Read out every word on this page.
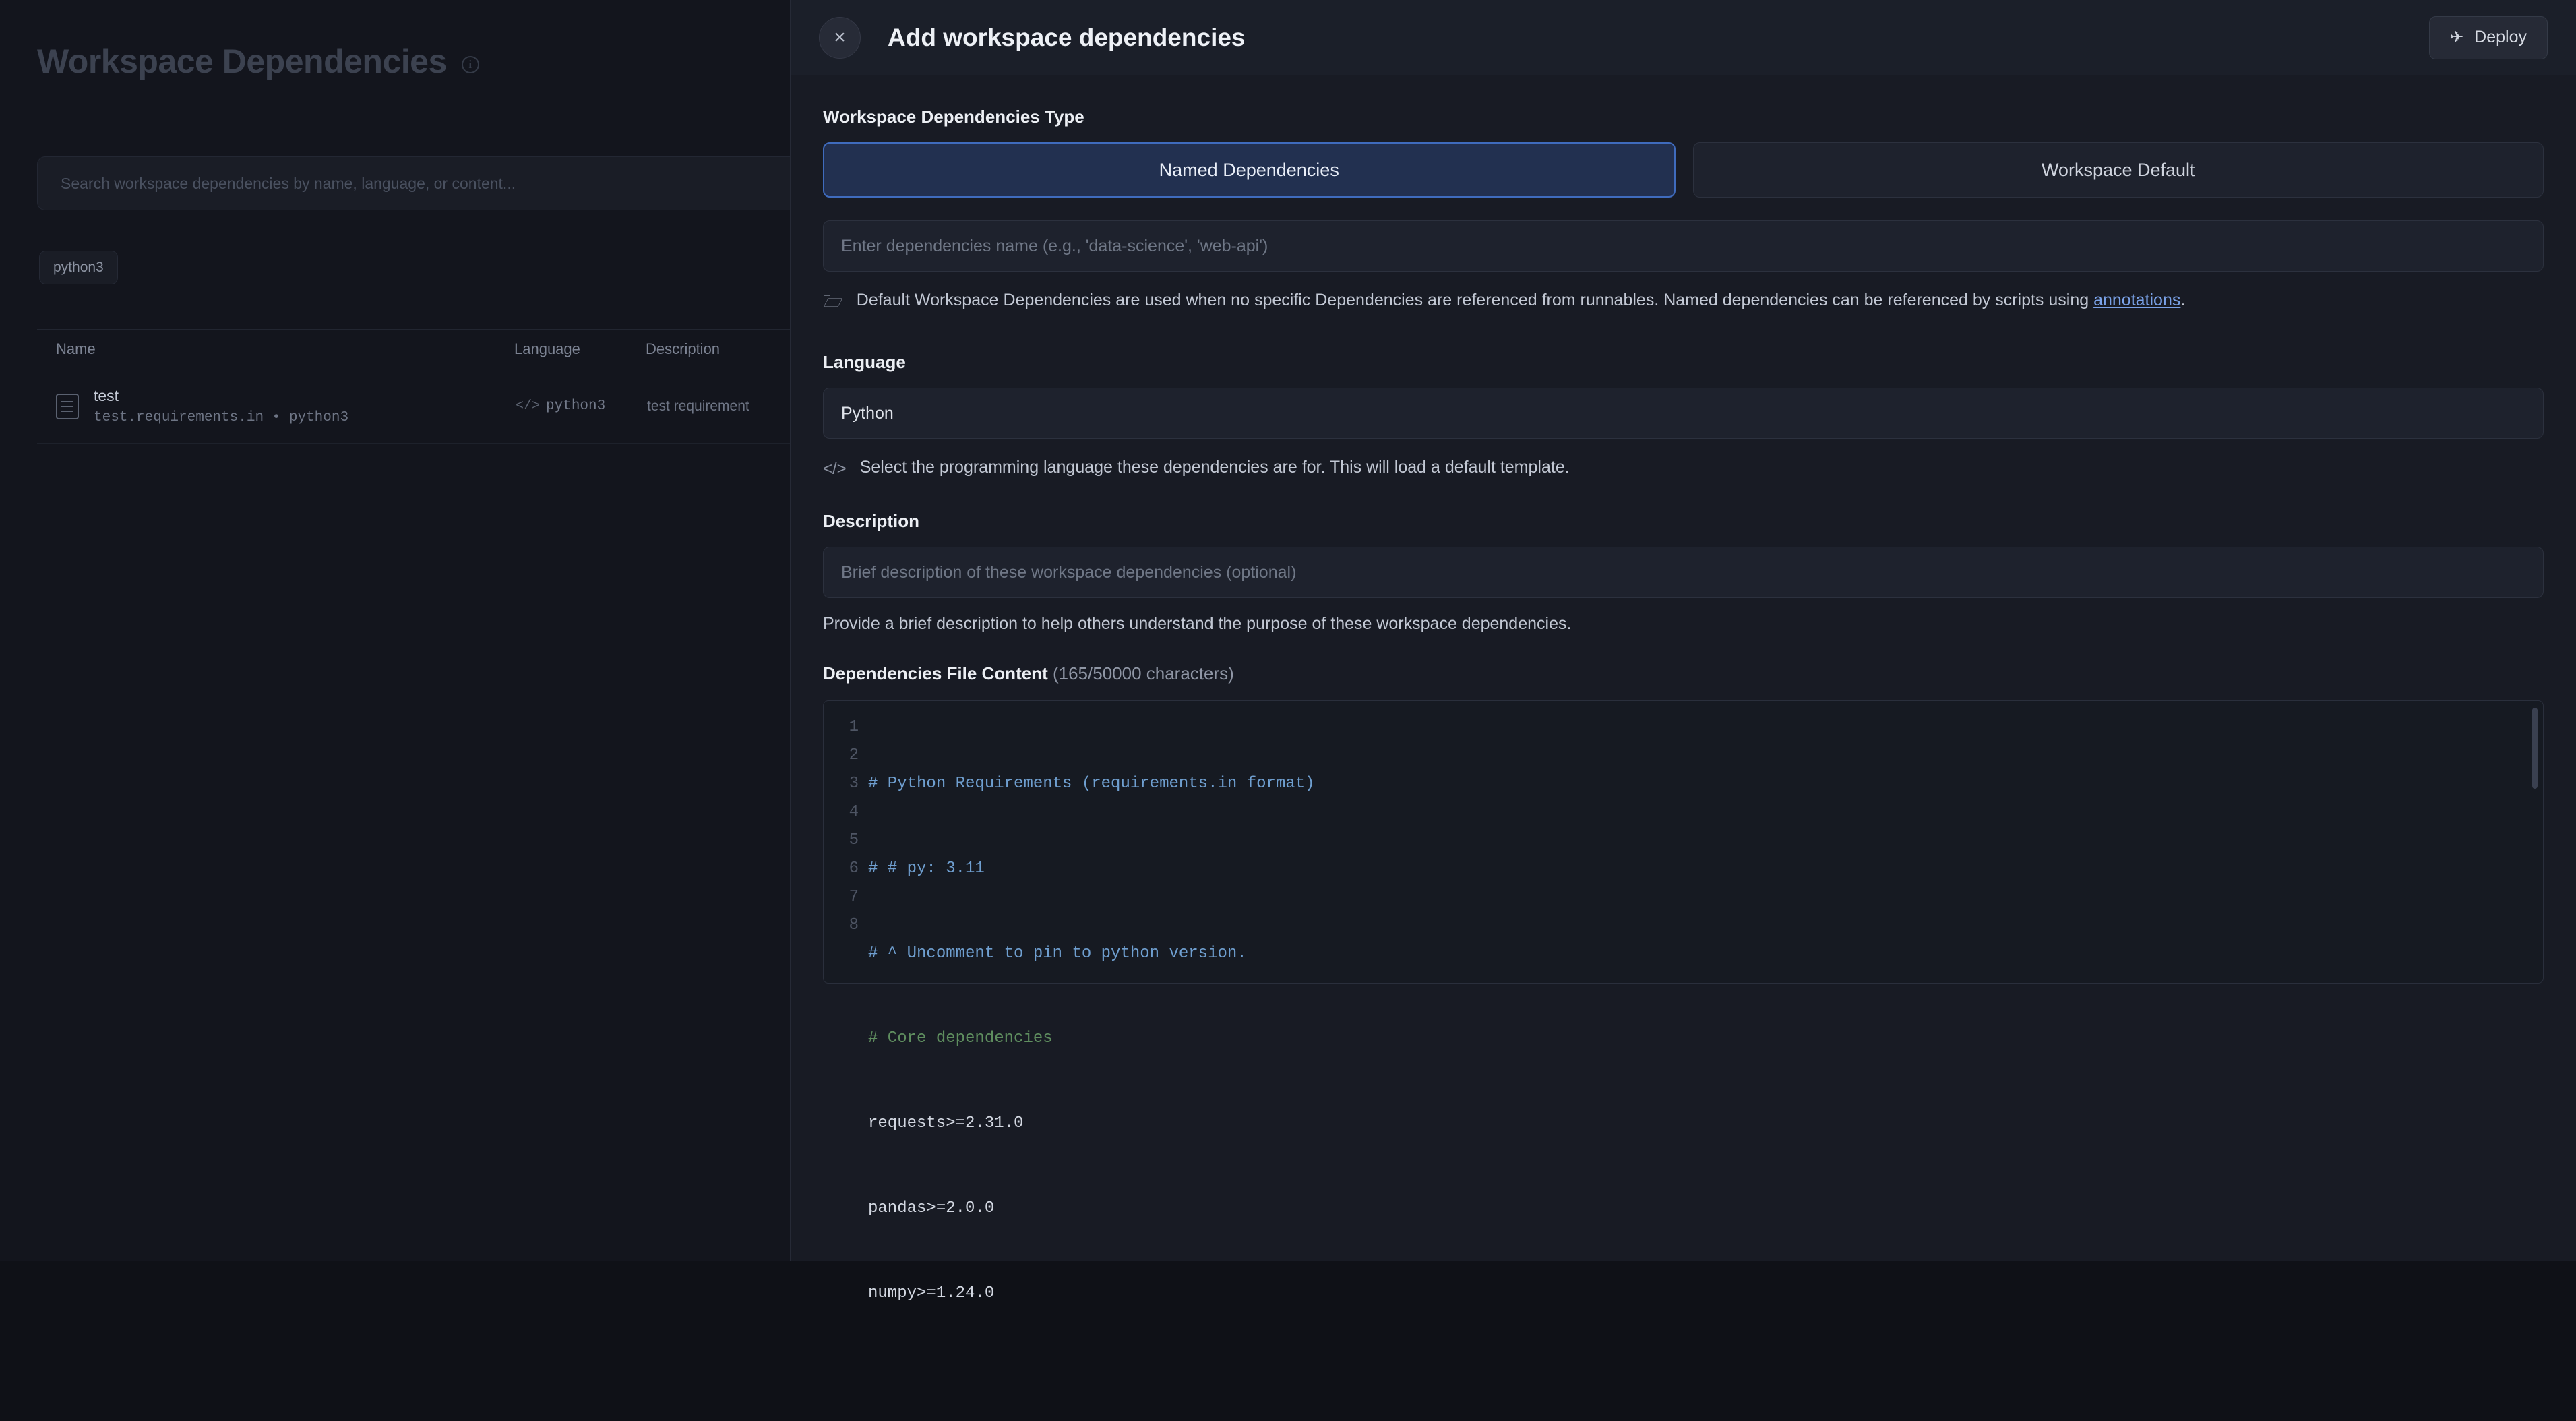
Workspace Dependencies	i
Search workspace dependencies by name, language, or content...
python3
Name	Language	Description
test
test.requirements.in • python3
</> python3	test requirement
× Add workspace dependencies	✈ Deploy
Workspace Dependencies Type
Named Dependencies	Workspace Default
Enter dependencies name (e.g., 'data-science', 'web-api')
🗁 Default Workspace Dependencies are used when no specific Dependencies are referenced from runnables. Named dependencies can be referenced by scripts using annotations.
Language
Python
</> Select the programming language these dependencies are for. This will load a default template.
Description
Brief description of these workspace dependencies (optional)
Provide a brief description to help others understand the purpose of these workspace dependencies.
Dependencies File Content (165/50000 characters)
1
2
3
4
5
6
7
8

# Python Requirements (requirements.in format)

# # py: 3.11

# ^ Uncomment to pin to python version.

# Core dependencies

requests>=2.31.0

pandas>=2.0.0

numpy>=1.24.0
